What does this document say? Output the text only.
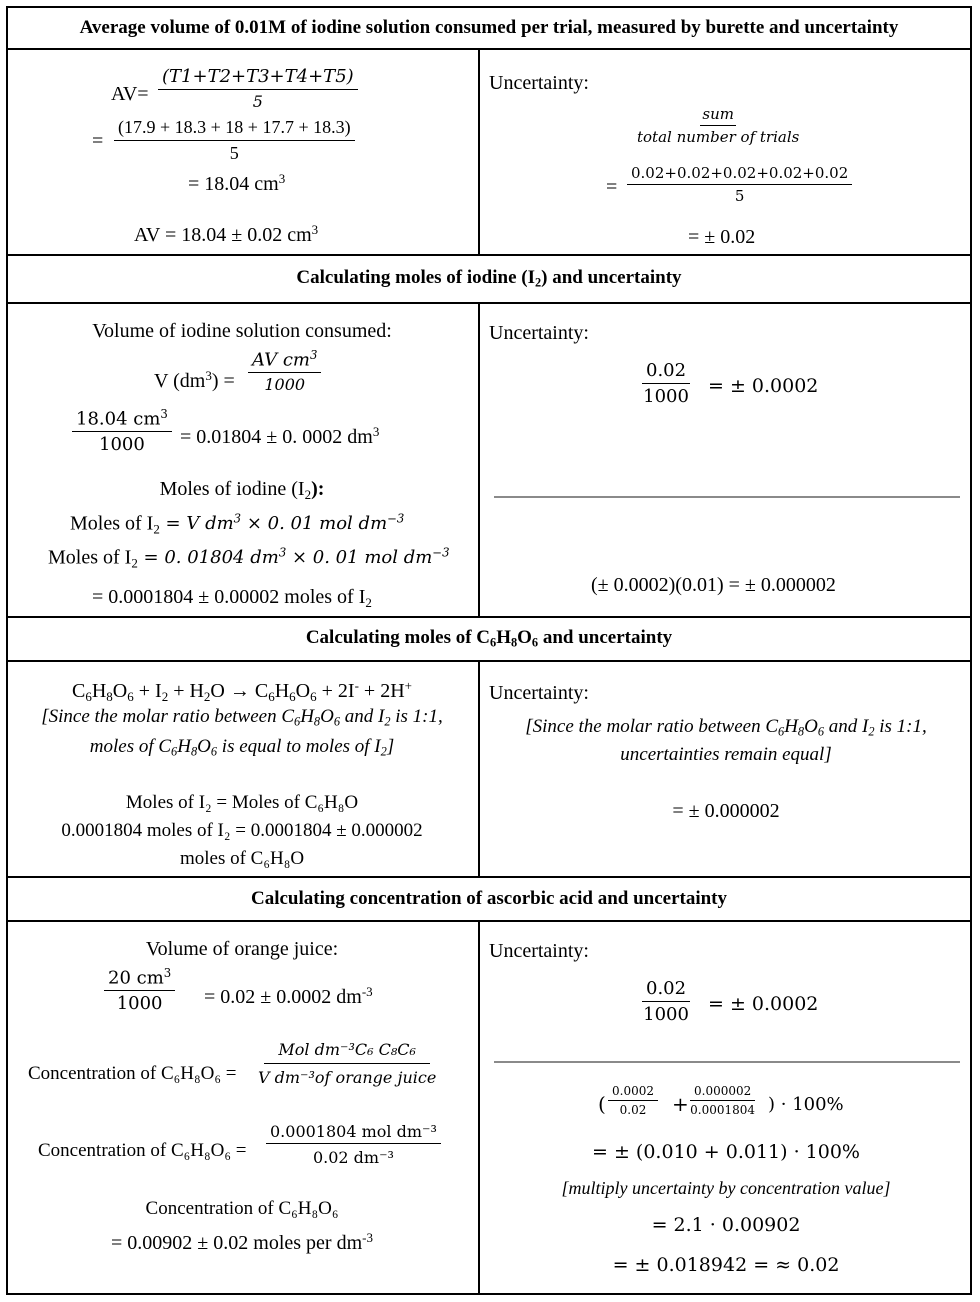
Average volume of 0.01M of iodine solution consumed per trial, measured by burette and uncertainty
$AV= \frac{(T1+T2+T3+T4+T5)}{5}$
= $\frac{(17.9 + 18.3 + 18 + 17.7 + 18.3)}{5}$
= 18.04 $cm^3$
AV = 18.04 ± 0.02 $cm^3$
Uncertainty:
sum
total number of trials
= $\frac{0.02+0.02+0.02+0.02+0.02}{5}$
= ± 0.02
Calculating moles of iodine $(I_2)$ and uncertainty
Volume of iodine solution consumed:
V $(dm^3) = \frac{AV cm^3}{1000}$
$\frac{18.04 cm^3}{1000} = 0.01804 \pm 0$. 0002 $dm^3$
Moles of iodine $(I_2)$:
Moles of $I_2 = V$ $dm^3 \times 0$. 01 mol $dm^{-3}$
Moles of $I_2 = 0$. 01804 $dm^3 \times 0$. 01 mol $dm^{-3}$
= 0.0001804 ± 0.00002 moles of $I_2$
Uncertainty:
$\frac{0.02}{1000}$ = ± 0.0002
(± 0.0002)(0.01) = ± 0.000002
Calculating moles of $C_6H_8O_6$ and uncertainty
$C_6H_8O_6 + I_2 + H_2O \to C_6H_6O_6 + 2I^- + 2H^+$
[Since the molar ratio between $C_6H_8O_6$ and $I_2$ is 1:1,
moles of $C_6H_8O_6$ is equal to moles of $I_2$]
Moles of I₂ = Moles of C₆H₈O
0.0001804 moles of I₂ = 0.0001804 ± 0.000002
moles of C₆H₈O
Uncertainty:
[Since the molar ratio between $C_6H_8O_6$ and $I_2$ is 1:1,
uncertainties remain equal]
= ± 0.000002
Calculating concentration of ascorbic acid and uncertainty
Volume of orange juice:
$\frac{20 cm^3}{1000} = 0.02 \pm 0.0002$ $dm^{-3}$
Concentration of C₆H₈O₆ =
Mol dm⁻³C₆ C₈C₆
V dm⁻³of orange juice
Concentration of C₆H₈O₆ =
0.0001804 mol dm⁻³
0.02 dm⁻³
Concentration of C₆H₈O₆
= 0.00902 ± 0.02 moles per $dm^{-3}$
Uncertainty:
$\frac{0.02}{1000}$ = ± 0.0002
( $\frac{0.0002}{0.02} + \frac{0.000002}{0.0001804}$ ) · 100%
= ± (0.010 + 0.011) · 100%
[multiply uncertainty by concentration value]
= 2.1 · 0.00902
= ± 0.018942 = ≈ 0.02
